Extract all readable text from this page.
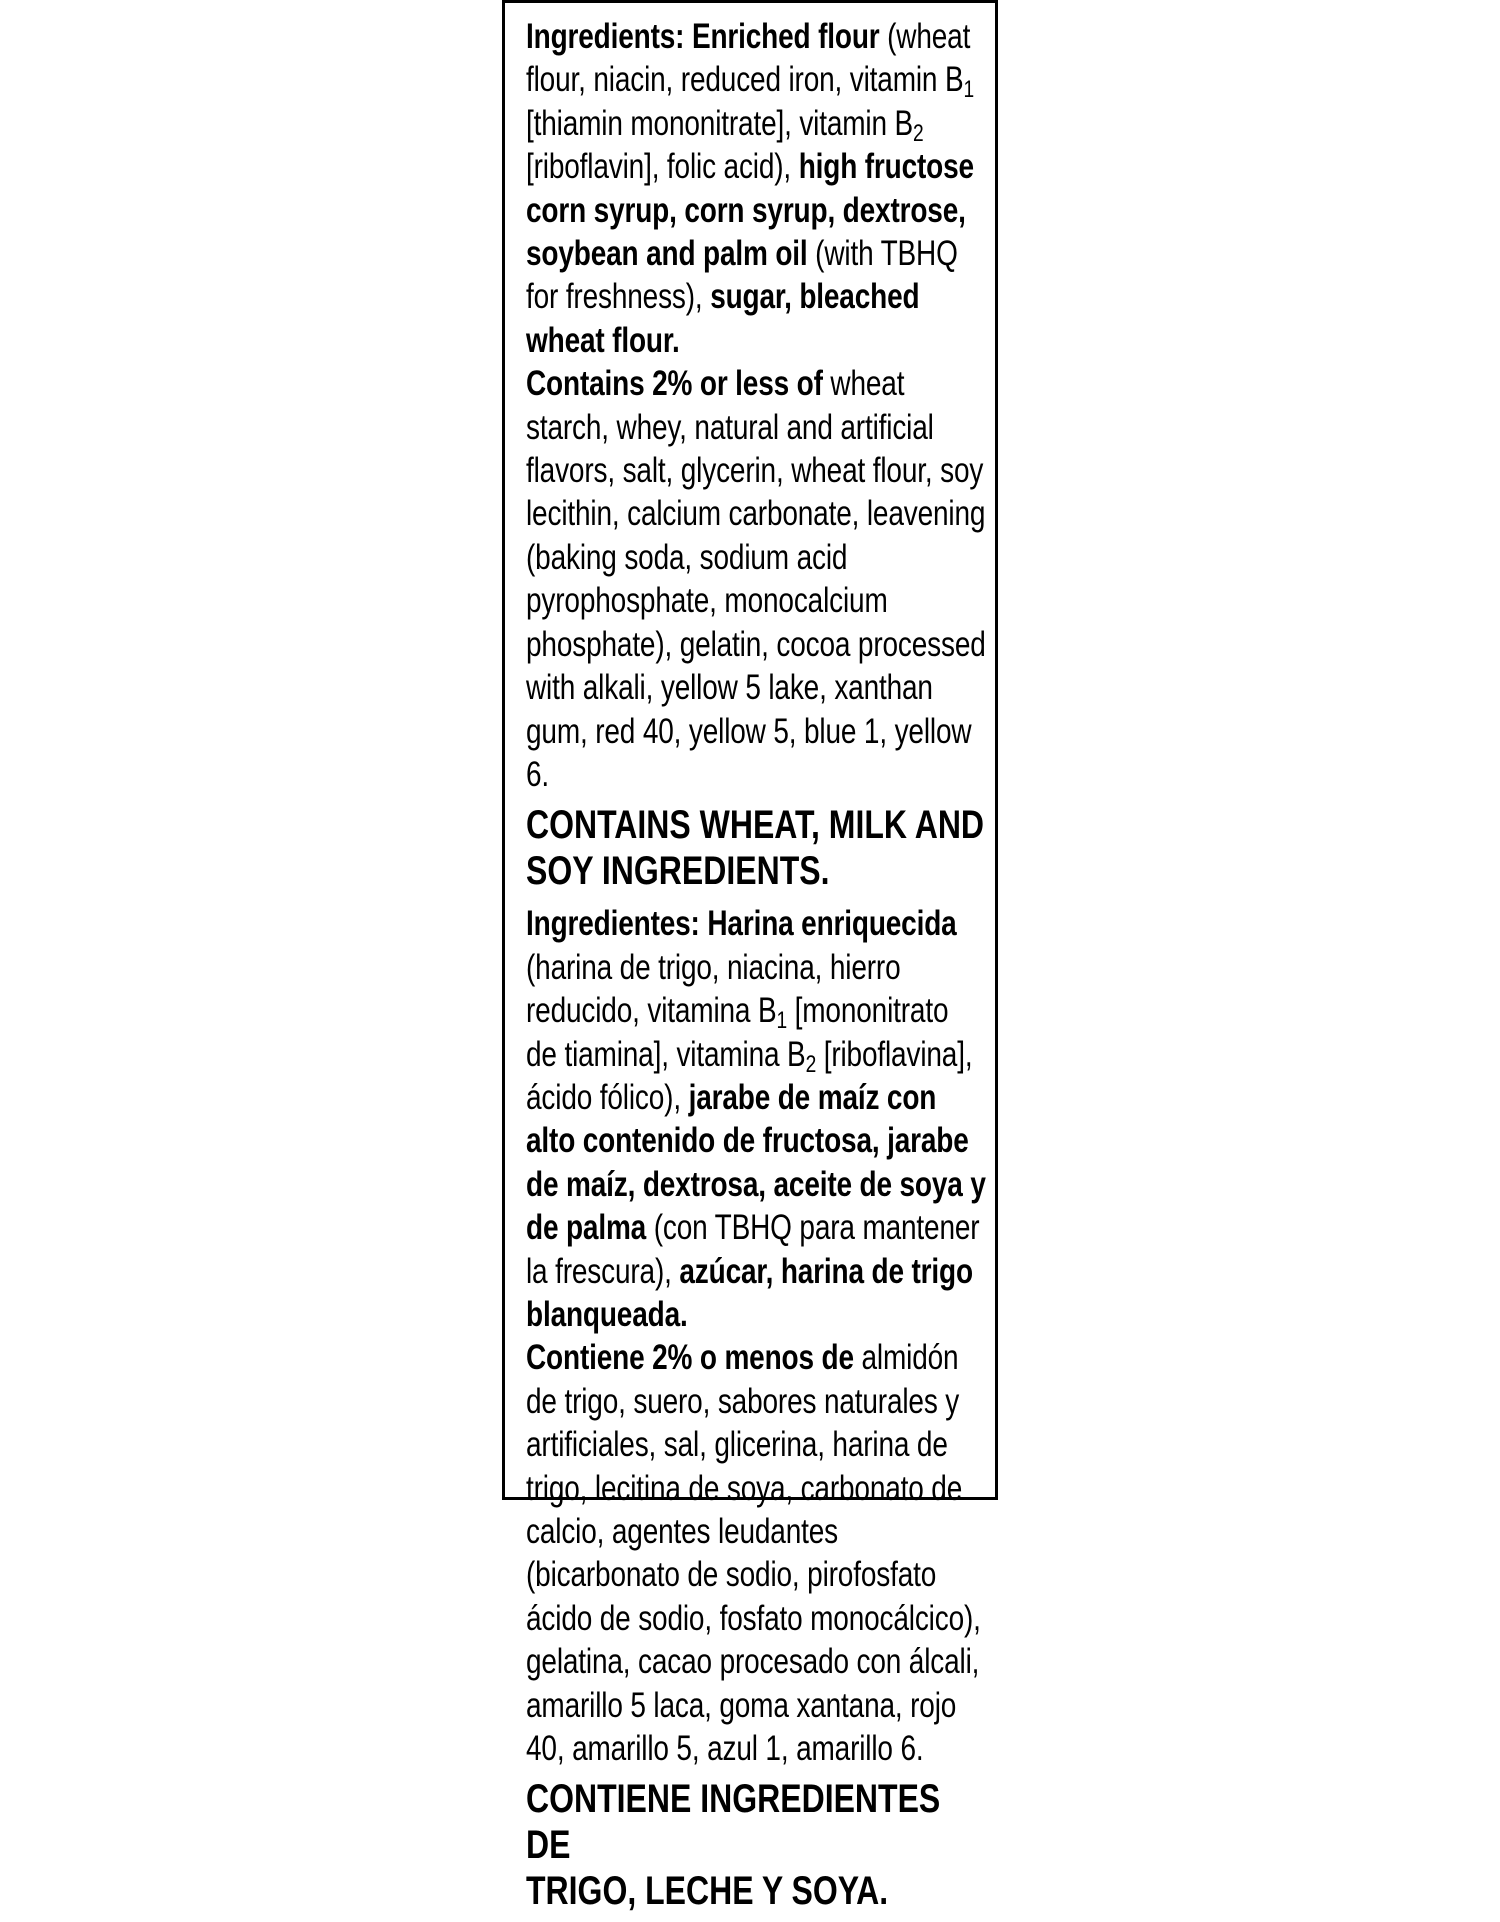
Ingredients: Enriched flour (wheat flour, niacin, reduced iron, vitamin $B_1$ [thiamin mononitrate], vitamin $B_2$ [riboflavin], folic acid), high fructose corn syrup, corn syrup, dextrose, soybean and palm oil (with TBHQ for freshness), sugar, bleached wheat flour.

Contains 2% or less of wheat starch, whey, natural and artificial flavors, salt, glycerin, wheat flour, soy lecithin, calcium carbonate, leavening (baking soda, sodium acid pyrophosphate, monocalcium phosphate), gelatin, cocoa processed with alkali, yellow 5 lake, xanthan gum, red 40, yellow 5, blue 1, yellow 6.

CONTAINS WHEAT, MILK AND
SOY INGREDIENTS.

Ingredientes: Harina enriquecida (harina de trigo, niacina, hierro reducido, vitamina $B_1$ [mononitrato de tiamina], vitamina $B_2$ [riboflavina], ácido fólico), jarabe de maíz con alto contenido de fructosa, jarabe de maíz, dextrosa, aceite de soya y de palma (con TBHQ para mantener la frescura), azúcar, harina de trigo blanqueada.

Contiene 2% o menos de almidón de trigo, suero, sabores naturales y artificiales, sal, glicerina, harina de trigo, lecitina de soya, carbonato de calcio, agentes leudantes (bicarbonato de sodio, pirofosfato ácido de sodio, fosfato monocálcico), gelatina, cacao procesado con álcali, amarillo 5 laca, goma xantana, rojo 40, amarillo 5, azul 1, amarillo 6.

CONTIENE INGREDIENTES DE
TRIGO, LECHE Y SOYA.
